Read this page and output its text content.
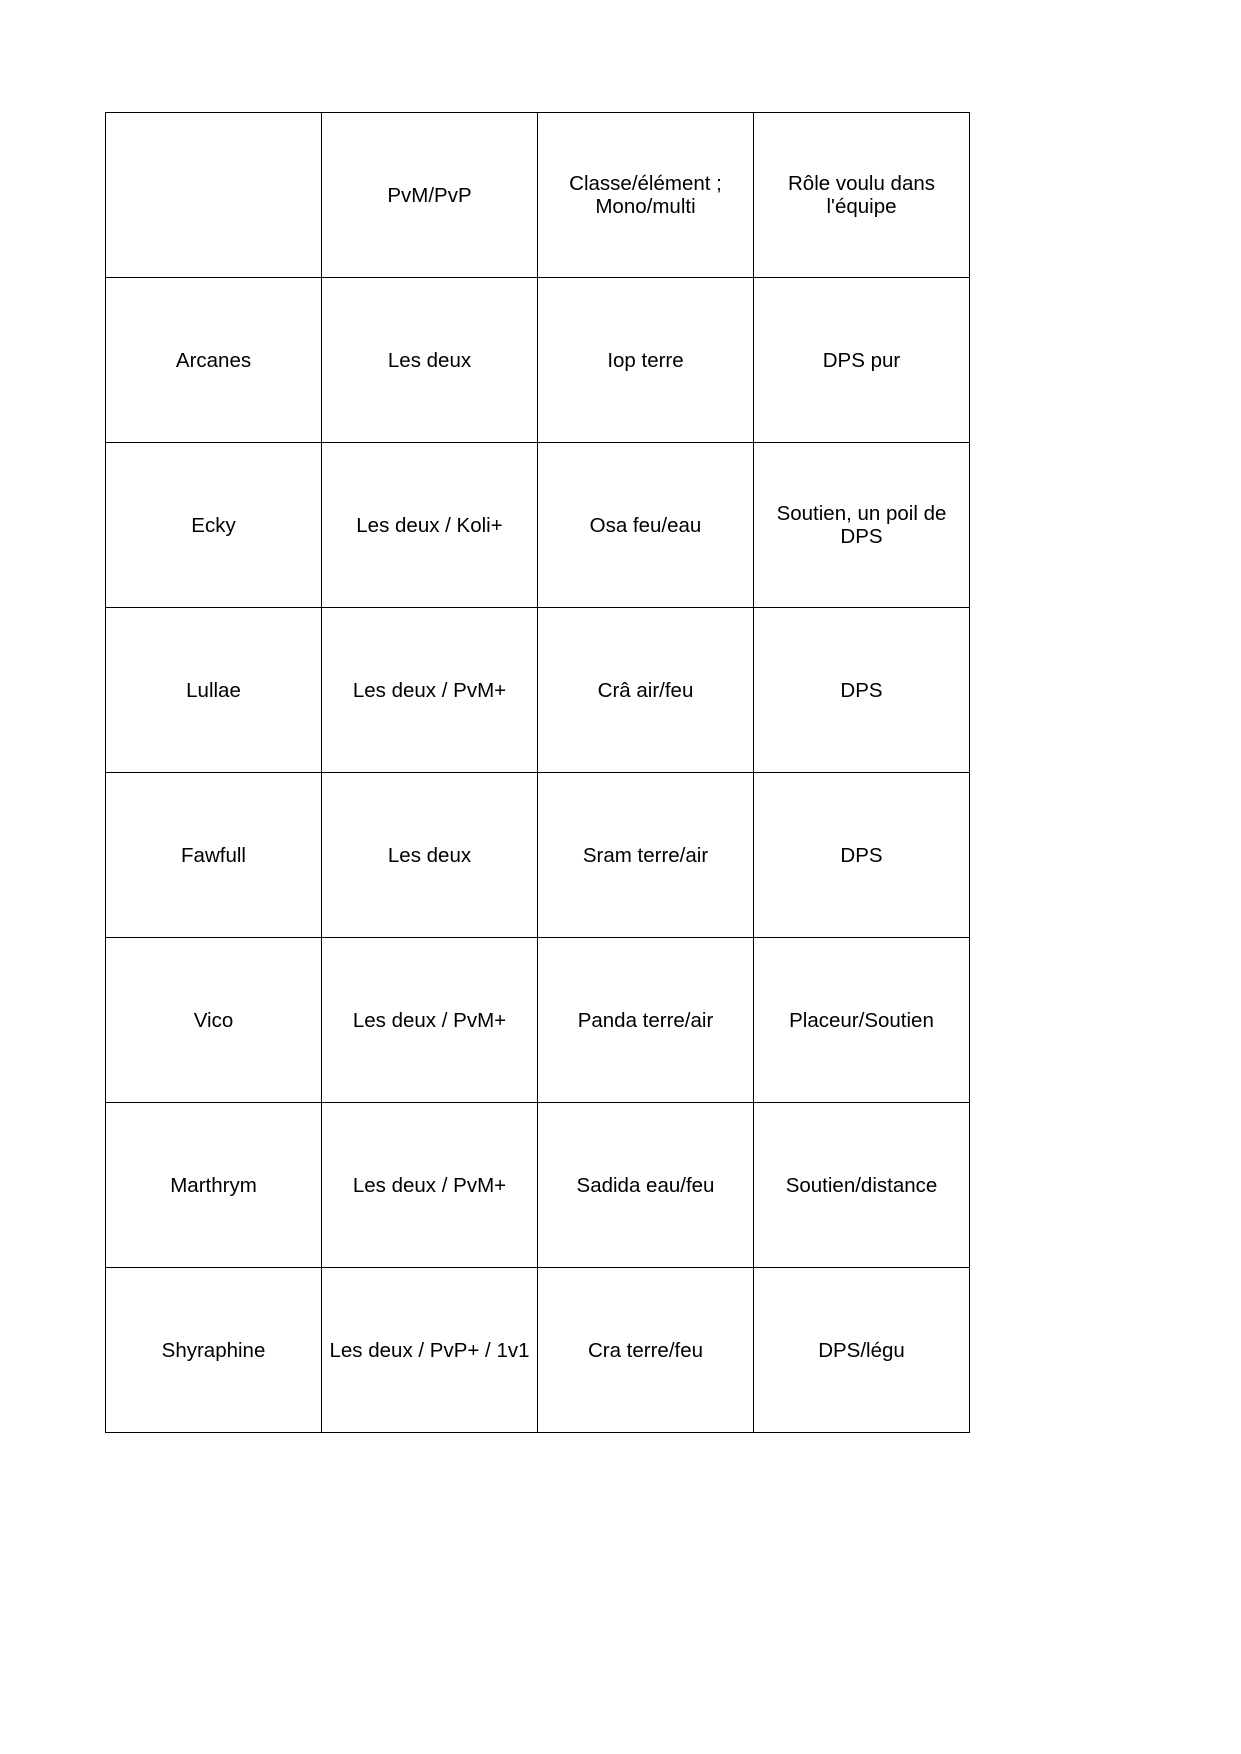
	PvM/PvP	Classe/élément ; Mono/multi	Rôle voulu dans l'équipe
Arcanes	Les deux	Iop terre	DPS pur
Ecky	Les deux / Koli+	Osa feu/eau	Soutien, un poil de DPS
Lullae	Les deux / PvM+	Crâ air/feu	DPS
Fawfull	Les deux	Sram terre/air	DPS
Vico	Les deux / PvM+	Panda terre/air	Placeur/Soutien
Marthrym	Les deux / PvM+	Sadida eau/feu	Soutien/distance
Shyraphine	Les deux / PvP+ / 1v1	Cra terre/feu	DPS/légu
